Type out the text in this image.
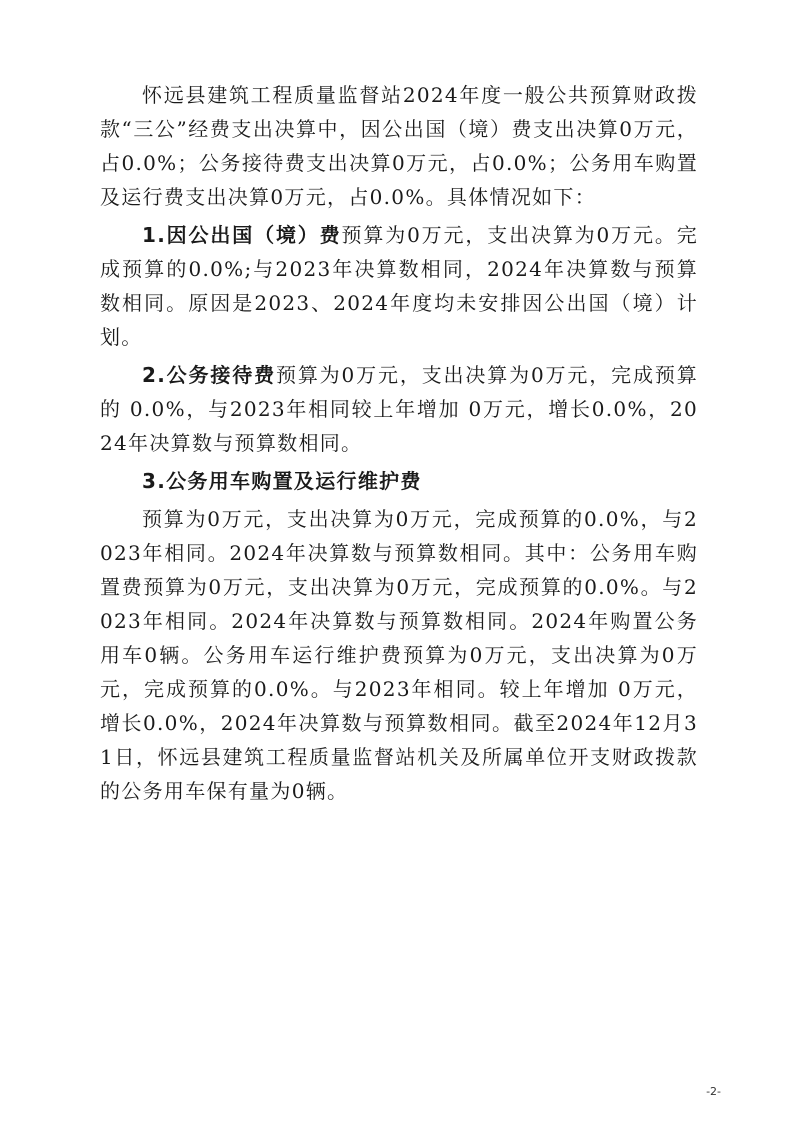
怀远县建筑工程质量监督站2024年度一般公共预算财政拨款“三公”经费支出决算中，因公出国（境）费支出决算0万元，占0.0%；公务接待费支出决算0万元，占0.0%；公务用车购置及运行费支出决算0万元，占0.0%。具体情况如下：

1.因公出国（境）费预算为0万元，支出决算为0万元。完成预算的0.0%;与2023年决算数相同，2024年决算数与预算数相同。原因是2023、2024年度均未安排因公出国（境）计划。

2.公务接待费预算为0万元，支出决算为0万元，完成预算的 0.0%，与2023年相同较上年增加 0万元，增长0.0%，2024年决算数与预算数相同。

3.公务用车购置及运行维护费

预算为0万元，支出决算为0万元，完成预算的0.0%，与2023年相同。2024年决算数与预算数相同。其中：公务用车购置费预算为0万元，支出决算为0万元，完成预算的0.0%。与2023年相同。2024年决算数与预算数相同。2024年购置公务用车0辆。公务用车运行维护费预算为0万元，支出决算为0万元，完成预算的0.0%。与2023年相同。较上年增加 0万元，增长0.0%，2024年决算数与预算数相同。截至2024年12月31日，怀远县建筑工程质量监督站机关及所属单位开支财政拨款的公务用车保有量为0辆。

-2-
